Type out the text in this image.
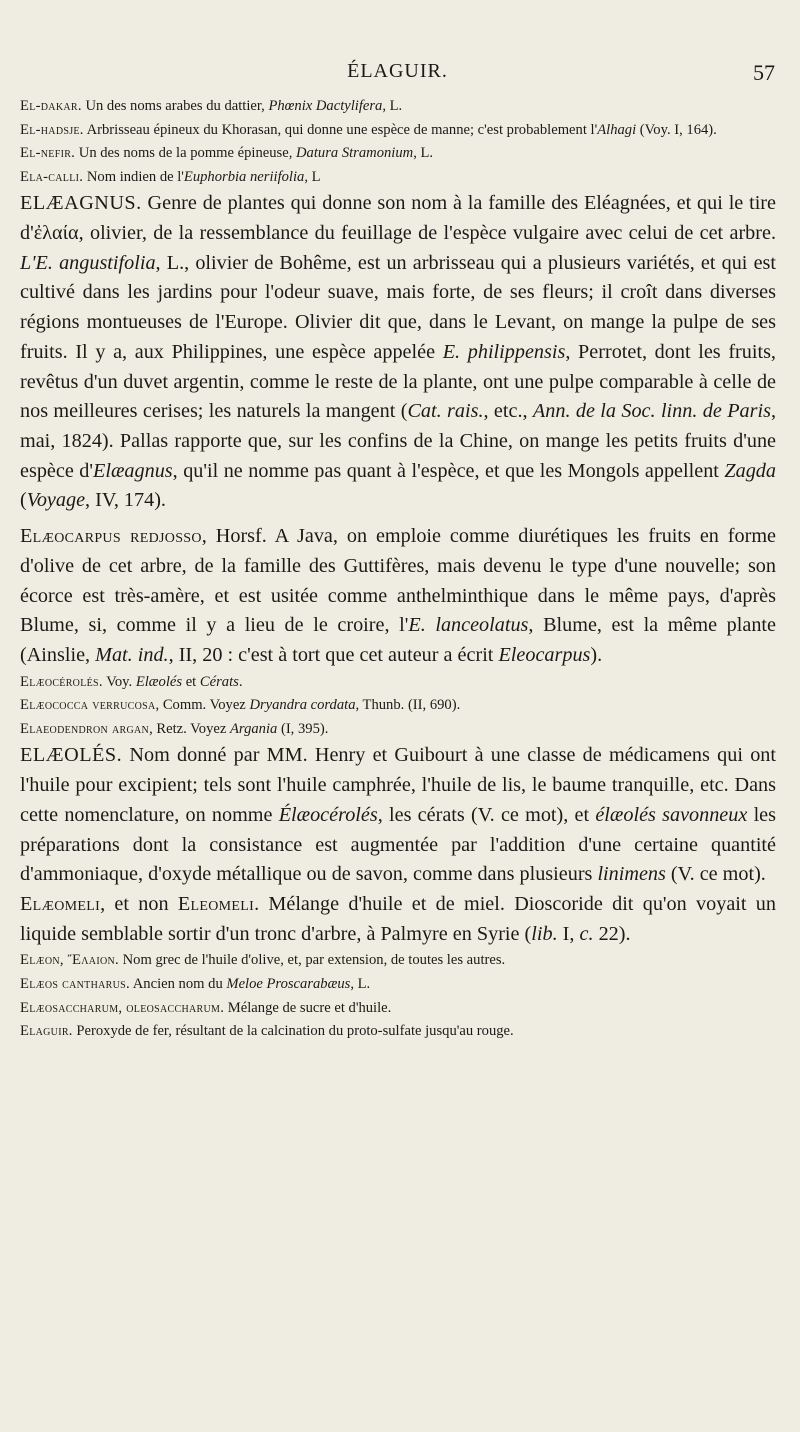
ÉLAGUIR.	57

El-dakar. Un des noms arabes du dattier, Phœnix Dactylifera, L.

El-hadsje. Arbrisseau épineux du Khorasan, qui donne une espèce de manne; c'est probablement l'Alhagi (Voy. I, 164).

El-nefir. Un des noms de la pomme épineuse, Datura Stramonium, L.

Ela-calli. Nom indien de l'Euphorbia neriifolia, L

ELÆAGNUS. Genre de plantes qui donne son nom à la famille des Eléagnées, et qui le tire d'ἐλαία, olivier, de la ressemblance du feuillage de l'espèce vulgaire avec celui de cet arbre. L'E. angustifolia, L., olivier de Bohême, est un arbrisseau qui a plusieurs variétés, et qui est cultivé dans les jardins pour l'odeur suave, mais forte, de ses fleurs; il croît dans diverses régions montueuses de l'Europe. Olivier dit que, dans le Levant, on mange la pulpe de ses fruits. Il y a, aux Philippines, une espèce appelée E. philippensis, Perrotet, dont les fruits, revêtus d'un duvet argentin, comme le reste de la plante, ont une pulpe comparable à celle de nos meilleures cerises; les naturels la mangent (Cat. rais., etc., Ann. de la Soc. linn. de Paris, mai, 1824). Pallas rapporte que, sur les confins de la Chine, on mange les petits fruits d'une espèce d'Elæagnus, qu'il ne nomme pas quant à l'espèce, et que les Mongols appellent Zagda (Voyage, IV, 174).

Elæocarpus redjosso, Horsf. A Java, on emploie comme diurétiques les fruits en forme d'olive de cet arbre, de la famille des Guttifères, mais devenu le type d'une nouvelle; son écorce est très-amère, et est usitée comme anthelminthique dans le même pays, d'après Blume, si, comme il y a lieu de le croire, l'E. lanceolatus, Blume, est la même plante (Ainslie, Mat. ind., II, 20 : c'est à tort que cet auteur a écrit Eleocarpus).

Elæocérolés. Voy. Elæolés et Cérats.

Elæococca verrucosa, Comm. Voyez Dryandra cordata, Thunb. (II, 690).

Elaeodendron argan, Retz. Voyez Argania (I, 395).

ELÆOLÉS. Nom donné par MM. Henry et Guibourt à une classe de médicamens qui ont l'huile pour excipient; tels sont l'huile camphrée, l'huile de lis, le baume tranquille, etc. Dans cette nomenclature, on nomme Élæocérolés, les cérats (V. ce mot), et élæolés savonneux les préparations dont la consistance est augmentée par l'addition d'une certaine quantité d'ammoniaque, d'oxyde métallique ou de savon, comme dans plusieurs linimens (V. ce mot).

Elæomeli, et non Eleomeli. Mélange d'huile et de miel. Dioscoride dit qu'on voyait un liquide semblable sortir d'un tronc d'arbre, à Palmyre en Syrie (lib. I, c. 22).

Elæon, Ἔλαιον. Nom grec de l'huile d'olive, et, par extension, de toutes les autres.

Elæos cantharus. Ancien nom du Meloe Proscarabæus, L.

Elæosaccharum, oleosaccharum. Mélange de sucre et d'huile.

Elaguir. Peroxyde de fer, résultant de la calcination du proto-sulfate jusqu'au rouge.
